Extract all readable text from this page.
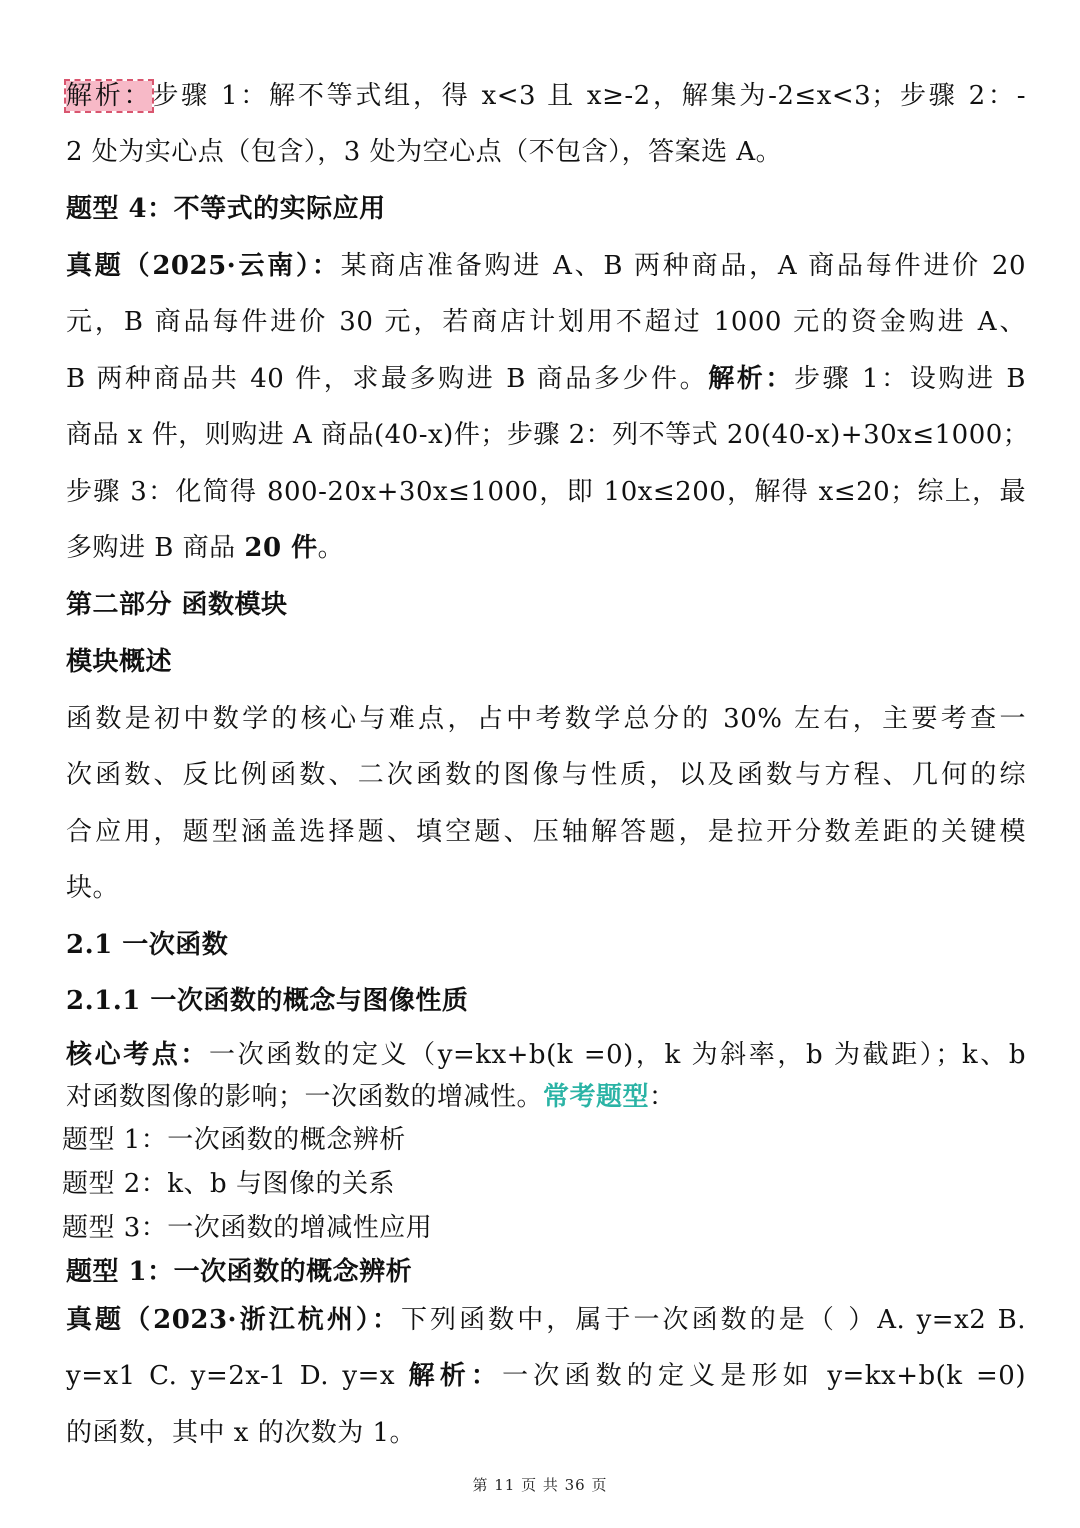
解析：步骤 1：解不等式组，得 x<3 且 x≥-2，解集为-2≤x<3；步骤 2：-
2 处为实心点（包含），3 处为空心点（不包含），答案选 A。
题型 4：不等式的实际应用
真题（2025·云南）：某商店准备购进 A、B 两种商品，A 商品每件进价 20
元，B 商品每件进价 30 元，若商店计划用不超过 1000 元的资金购进 A、
B 两种商品共 40 件，求最多购进 B 商品多少件。解析：步骤 1：设购进 B
商品 x 件，则购进 A 商品(40-x)件；步骤 2：列不等式 20(40-x)+30x≤1000；
步骤 3：化简得 800-20x+30x≤1000，即 10x≤200，解得 x≤20；综上，最
多购进 B 商品 20 件。
第二部分 函数模块
模块概述
函数是初中数学的核心与难点，占中考数学总分的 30% 左右，主要考查一
次函数、反比例函数、二次函数的图像与性质，以及函数与方程、几何的综
合应用，题型涵盖选择题、填空题、压轴解答题，是拉开分数差距的关键模
块。
2.1 一次函数
2.1.1 一次函数的概念与图像性质
核心考点：一次函数的定义（y=kx+b(k =0)，k 为斜率，b 为截距）；k、b
对函数图像的影响；一次函数的增减性。常考题型：
题型 1：一次函数的概念辨析
题型 2：k、b 与图像的关系
题型 3：一次函数的增减性应用
题型 1：一次函数的概念辨析
真题（2023·浙江杭州）：下列函数中，属于一次函数的是（ ）A. y=x2 B.
y=x1 C. y=2x-1 D. y=x 解析：一次函数的定义是形如 y=kx+b(k =0)
的函数，其中 x 的次数为 1。
第 11 页 共 36 页
